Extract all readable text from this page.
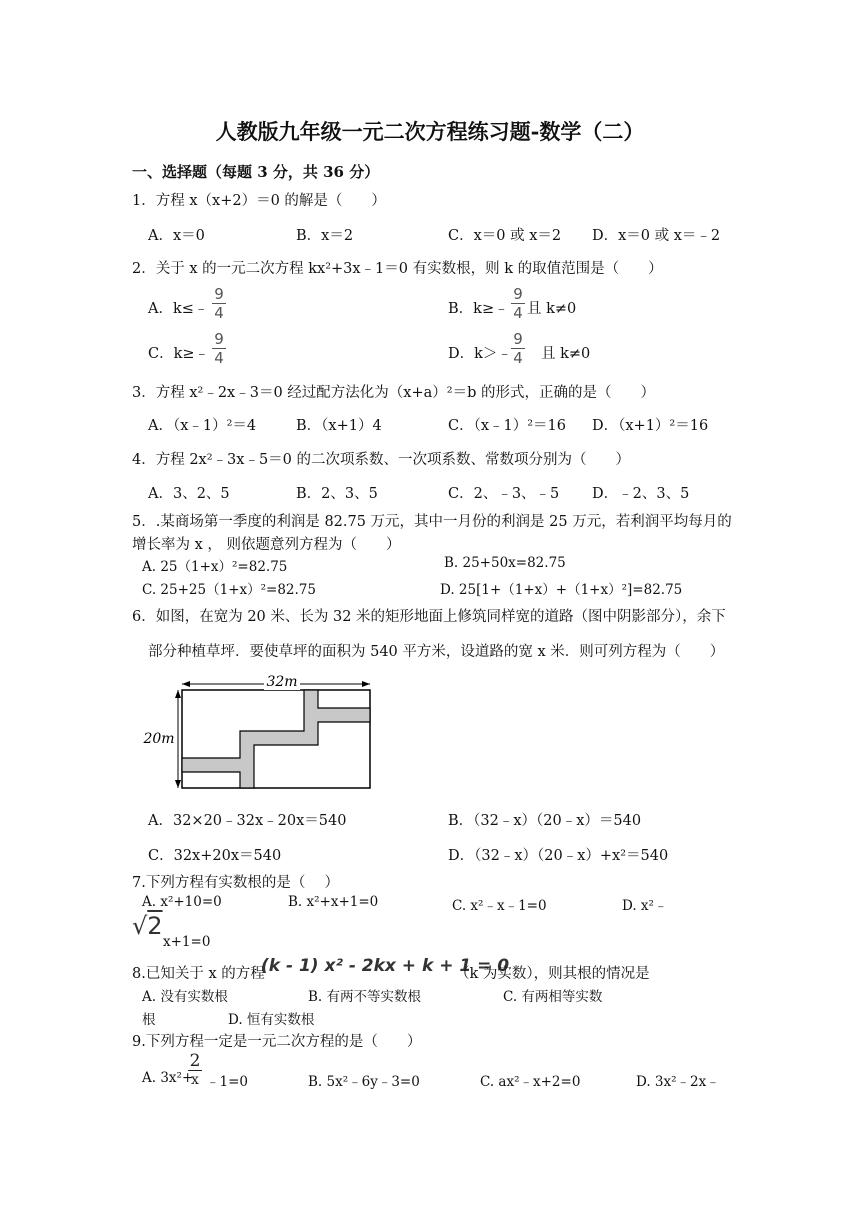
人教版九年级一元二次方程练习题-数学（二）
一、选择题（每题 3 分，共 36 分）
1．方程 x（x+2）＝0 的解是（　　）
A．x＝0	B．x＝2	C．x＝0 或 x＝2 D．x＝0 或 x＝﹣2
2．关于 x 的一元二次方程 kx²+3x﹣1＝0 有实数根，则 k 的取值范围是（　　）
A．k≤﹣
9
4	B．k≥﹣
9
4 且 k≠0
C．k≥﹣
9
4	D．k＞﹣
9
4 且 k≠0
3．方程 x²﹣2x﹣3＝0 经过配方法化为（x+a）²＝b 的形式，正确的是（　　）
A．（x﹣1）²＝4	B．（x+1）4	C．（x﹣1）²＝16 D．（x+1）²＝16
4．方程 2x²﹣3x﹣5＝0 的二次项系数、一次项系数、常数项分别为（　　）
A．3、2、5	B．2、3、5	C．2、﹣3、﹣5 D．﹣2、3、5
5．.某商场第一季度的利润是 82.75 万元，其中一月份的利润是 25 万元，若利润平均每月的
增长率为 x ， 则依题意列方程为（　　）
A. 25（1+x）²=82.75	B. 25+50x=82.75
C. 25+25（1+x）²=82.75	D. 25[1+（1+x）+（1+x）²]=82.75
6．如图，在宽为 20 米、长为 32 米的矩形地面上修筑同样宽的道路（图中阴影部分），余下
部分种植草坪．要使草坪的面积为 540 平方米，设道路的宽 x 米．则可列方程为（　　）
32m
20m
A．32×20﹣32x﹣20x＝540	B．（32﹣x）（20﹣x）＝540
C．32x+20x＝540	D．（32﹣x）（20﹣x）+x²＝540
7.下列方程有实数根的是（　 ）
A. x²+10=0	B. x²+x+1=0	C. x²﹣x﹣1=0	D. x²﹣
√2
x+1=0
8.已知关于 x 的方程
(k - 1) x² - 2kx + k + 1 = 0
（k 为实数），则其根的情况是
A. 没有实数根	B. 有两不等实数根	C. 有两相等实数
根	D. 恒有实数根
9.下列方程一定是一元二次方程的是（　　）
A. 3x²+
2
x ﹣1=0	B. 5x²﹣6y﹣3=0	C. ax²﹣x+2=0	D. 3x²﹣2x﹣
